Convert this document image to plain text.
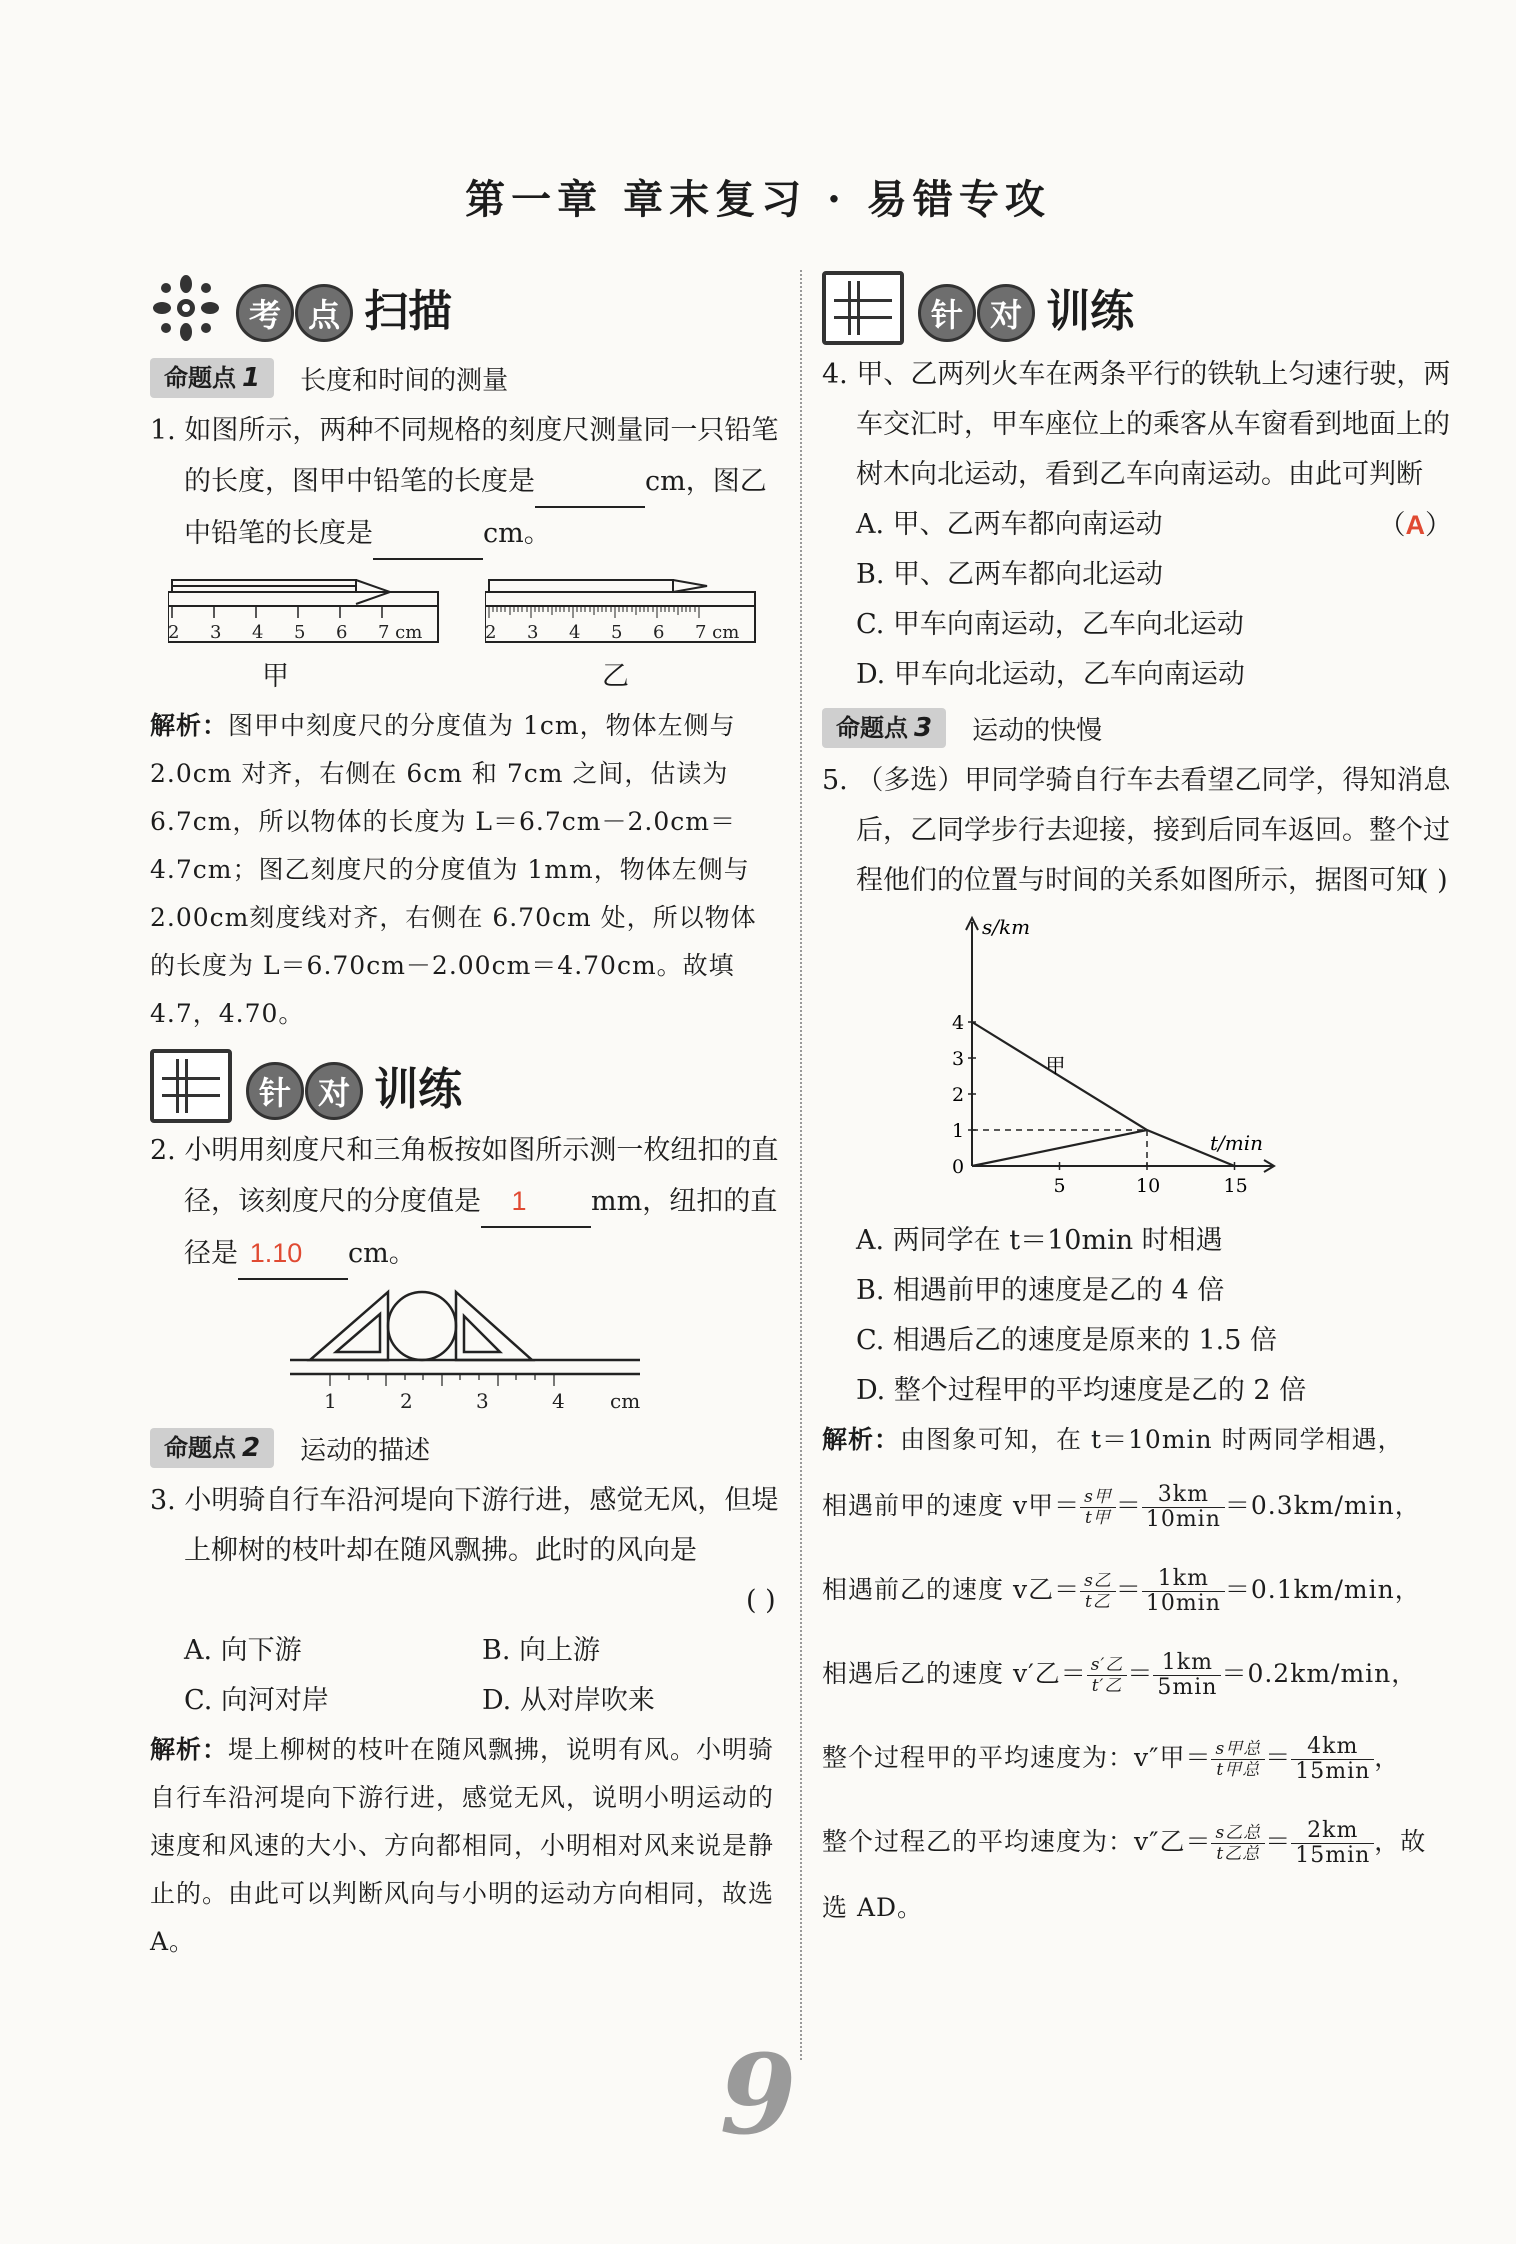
第一章 章末复习 · 易错专攻
考 点 扫描
命题点 1	长度和时间的测量
1. 如图所示，两种不同规格的刻度尺测量同一只铅笔的长度，图甲中铅笔的长度是	cm，图乙中铅笔的长度是	cm。
2 3 4 5 6 7 cm	2 3 4 5 6 7 cm
甲	乙
解析：图甲中刻度尺的分度值为 1cm，物体左侧与 2.0cm 对齐，右侧在 6cm 和 7cm 之间，估读为 6.7cm，所以物体的长度为 L＝6.7cm－2.0cm＝4.7cm；图乙刻度尺的分度值为 1mm，物体左侧与 2.00cm刻度线对齐，右侧在 6.70cm 处，所以物体的长度为 L＝6.70cm－2.00cm＝4.70cm。故填 4.7，4.70。
针 对 训练
2. 小明用刻度尺和三角板按如图所示测一枚纽扣的直径，该刻度尺的分度值是 1 mm，纽扣的直径是 1.10 cm。
1	2	3	4 cm
命题点 2	运动的描述
3. 小明骑自行车沿河堤向下游行进，感觉无风，但堤上柳树的枝叶却在随风飘拂。此时的风向是

( )

A. 向下游	B. 向上游
C. 向河对岸	D. 从对岸吹来
解析：堤上柳树的枝叶在随风飘拂，说明有风。小明骑自行车沿河堤向下游行进，感觉无风，说明小明运动的速度和风速的大小、方向都相同，小明相对风来说是静止的。由此可以判断风向与小明的运动方向相同，故选 A。
针 对 训练
4. 甲、乙两列火车在两条平行的铁轨上匀速行驶，两车交汇时，甲车座位上的乘客从车窗看到地面上的树木向北运动，看到乙车向南运动。由此可判断
（A）
A. 甲、乙两车都向南运动
B. 甲、乙两车都向北运动
C. 甲车向南运动，乙车向北运动
D. 甲车向北运动，乙车向南运动
命题点 3	运动的快慢
5. （多选）甲同学骑自行车去看望乙同学，得知消息后，乙同学步行去迎接，接到后同车返回。整个过程他们的位置与时间的关系如图所示，据图可知
( )
s/km
t/min
甲
0
1
2
3
4
5	10	15
A. 两同学在 t＝10min 时相遇
B. 相遇前甲的速度是乙的 4 倍
C. 相遇后乙的速度是原来的 1.5 倍
D. 整个过程甲的平均速度是乙的 2 倍
解析：由图象可知，在 t＝10min 时两同学相遇，
相遇前甲的速度 v甲＝ $\frac{\text{s甲}}{\text{t甲}} = \frac{3km}{10\min} =0.3km/\min$，
相遇前乙的速度 v乙＝ $\frac{\text{s乙}}{\text{t乙}} = \frac{1km}{10\min} =0.1km/\min$，
相遇后乙的速度 v′乙＝ $\frac{\text{s′乙}}{\text{t′乙}} = \frac{1km}{5\min} =0.2km/\min$，
整个过程甲的平均速度为：v″甲＝ $\frac{\text{s甲总}}{\text{t甲总}} = \frac{4km}{15\min}$ ，
整个过程乙的平均速度为：v″乙＝ $\frac{\text{s乙总}}{\text{t乙总}} = \frac{2km}{15\min}$ ，故
选 AD。
9
